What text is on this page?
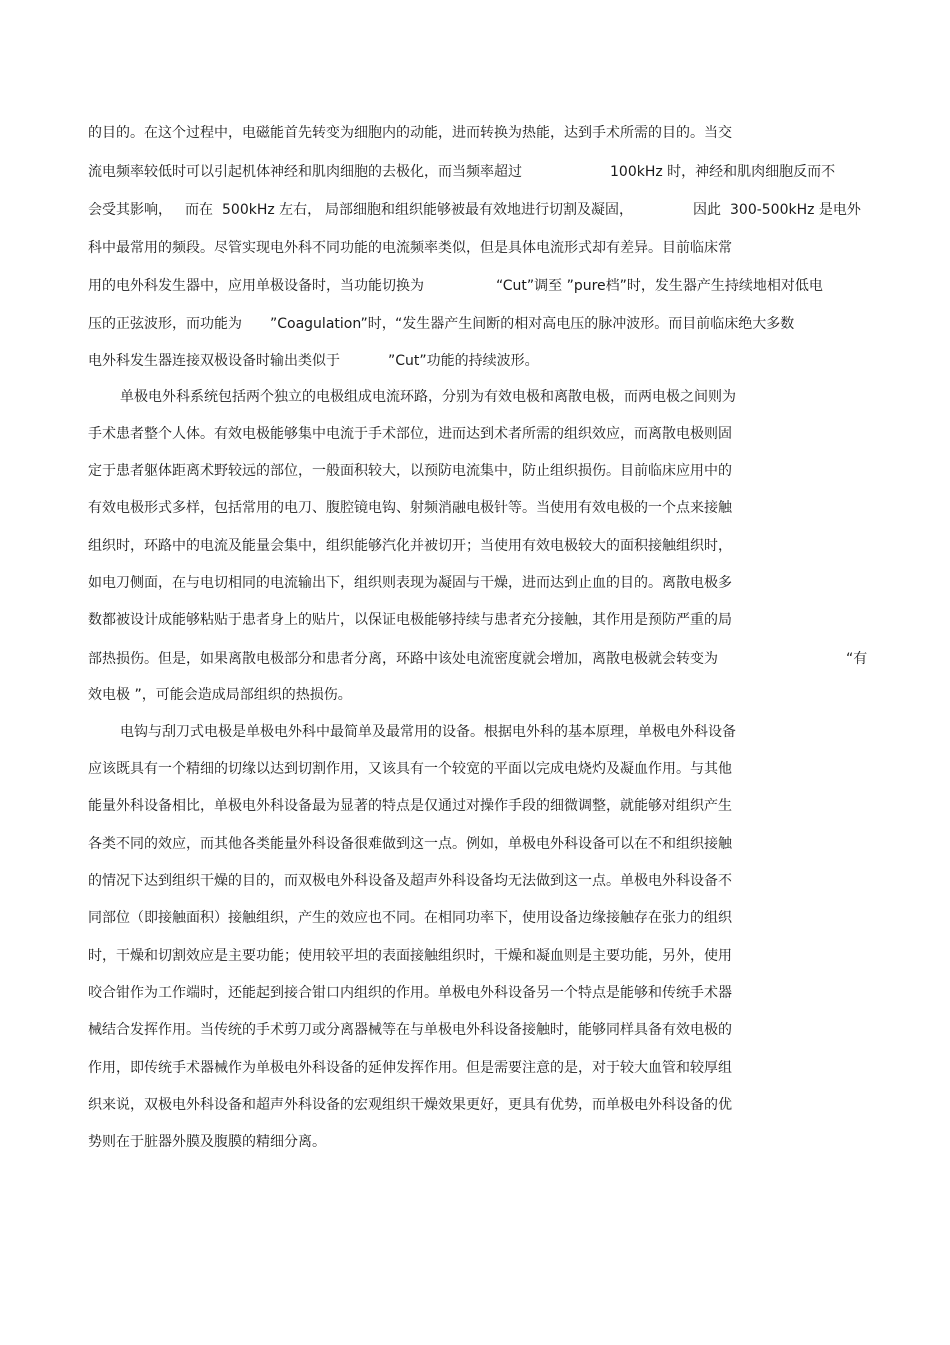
的目的。在这个过程中，电磁能首先转变为细胞内的动能，进而转换为热能，达到手术所需的目的。当交

流电频率较低时可以引起机体神经和肌肉细胞的去极化，而当频率超过

	100kHz 时，神经和肌肉细胞反而不

会受其影响，

而在

500kHz 左右，

局部细胞和组织能够被最有效地进行切割及凝固，

	因此

300-500kHz 是电外

科中最常用的频段。尽管实现电外科不同功能的电流频率类似，但是具体电流形式却有差异。目前临床常

用的电外科发生器中，应用单极设备时，当功能切换为

	“Cut”调至 ”pure档”时，发生器产生持续地相对低电

压的正弦波形，而功能为

”Coagulation”时，

“发生器产生间断的相对高电压的脉冲波形。而目前临床绝大多数

电外科发生器连接双极设备时输出类似于

	”Cut”功能的持续波形。

单极电外科系统包括两个独立的电极组成电流环路，分别为有效电极和离散电极，而两电极之间则为

手术患者整个人体。有效电极能够集中电流于手术部位，进而达到术者所需的组织效应，而离散电极则固

定于患者躯体距离术野较远的部位，一般面积较大，以预防电流集中，防止组织损伤。目前临床应用中的

有效电极形式多样，包括常用的电刀、腹腔镜电钩、射频消融电极针等。当使用有效电极的一个点来接触

组织时，环路中的电流及能量会集中，组织能够汽化并被切开；当使用有效电极较大的面积接触组织时，

如电刀侧面，在与电切相同的电流输出下，组织则表现为凝固与干燥，进而达到止血的目的。离散电极多

数都被设计成能够粘贴于患者身上的贴片，以保证电极能够持续与患者充分接触，其作用是预防严重的局

部热损伤。但是，如果离散电极部分和患者分离，环路中该处电流密度就会增加，离散电极就会转变为

	“有

效电极 ”，可能会造成局部组织的热损伤。

电钩与刮刀式电极是单极电外科中最简单及最常用的设备。根据电外科的基本原理，单极电外科设备

应该既具有一个精细的切缘以达到切割作用，又该具有一个较宽的平面以完成电烧灼及凝血作用。与其他

能量外科设备相比，单极电外科设备最为显著的特点是仅通过对操作手段的细微调整，就能够对组织产生

各类不同的效应，而其他各类能量外科设备很难做到这一点。例如，单极电外科设备可以在不和组织接触

的情况下达到组织干燥的目的，而双极电外科设备及超声外科设备均无法做到这一点。单极电外科设备不

同部位（即接触面积）接触组织，产生的效应也不同。在相同功率下，使用设备边缘接触存在张力的组织

时，干燥和切割效应是主要功能；使用较平坦的表面接触组织时，干燥和凝血则是主要功能，另外，使用

咬合钳作为工作端时，还能起到接合钳口内组织的作用。单极电外科设备另一个特点是能够和传统手术器

械结合发挥作用。当传统的手术剪刀或分离器械等在与单极电外科设备接触时，能够同样具备有效电极的

作用，即传统手术器械作为单极电外科设备的延伸发挥作用。但是需要注意的是，对于较大血管和较厚组

织来说，双极电外科设备和超声外科设备的宏观组织干燥效果更好，更具有优势，而单极电外科设备的优

势则在于脏器外膜及腹膜的精细分离。
